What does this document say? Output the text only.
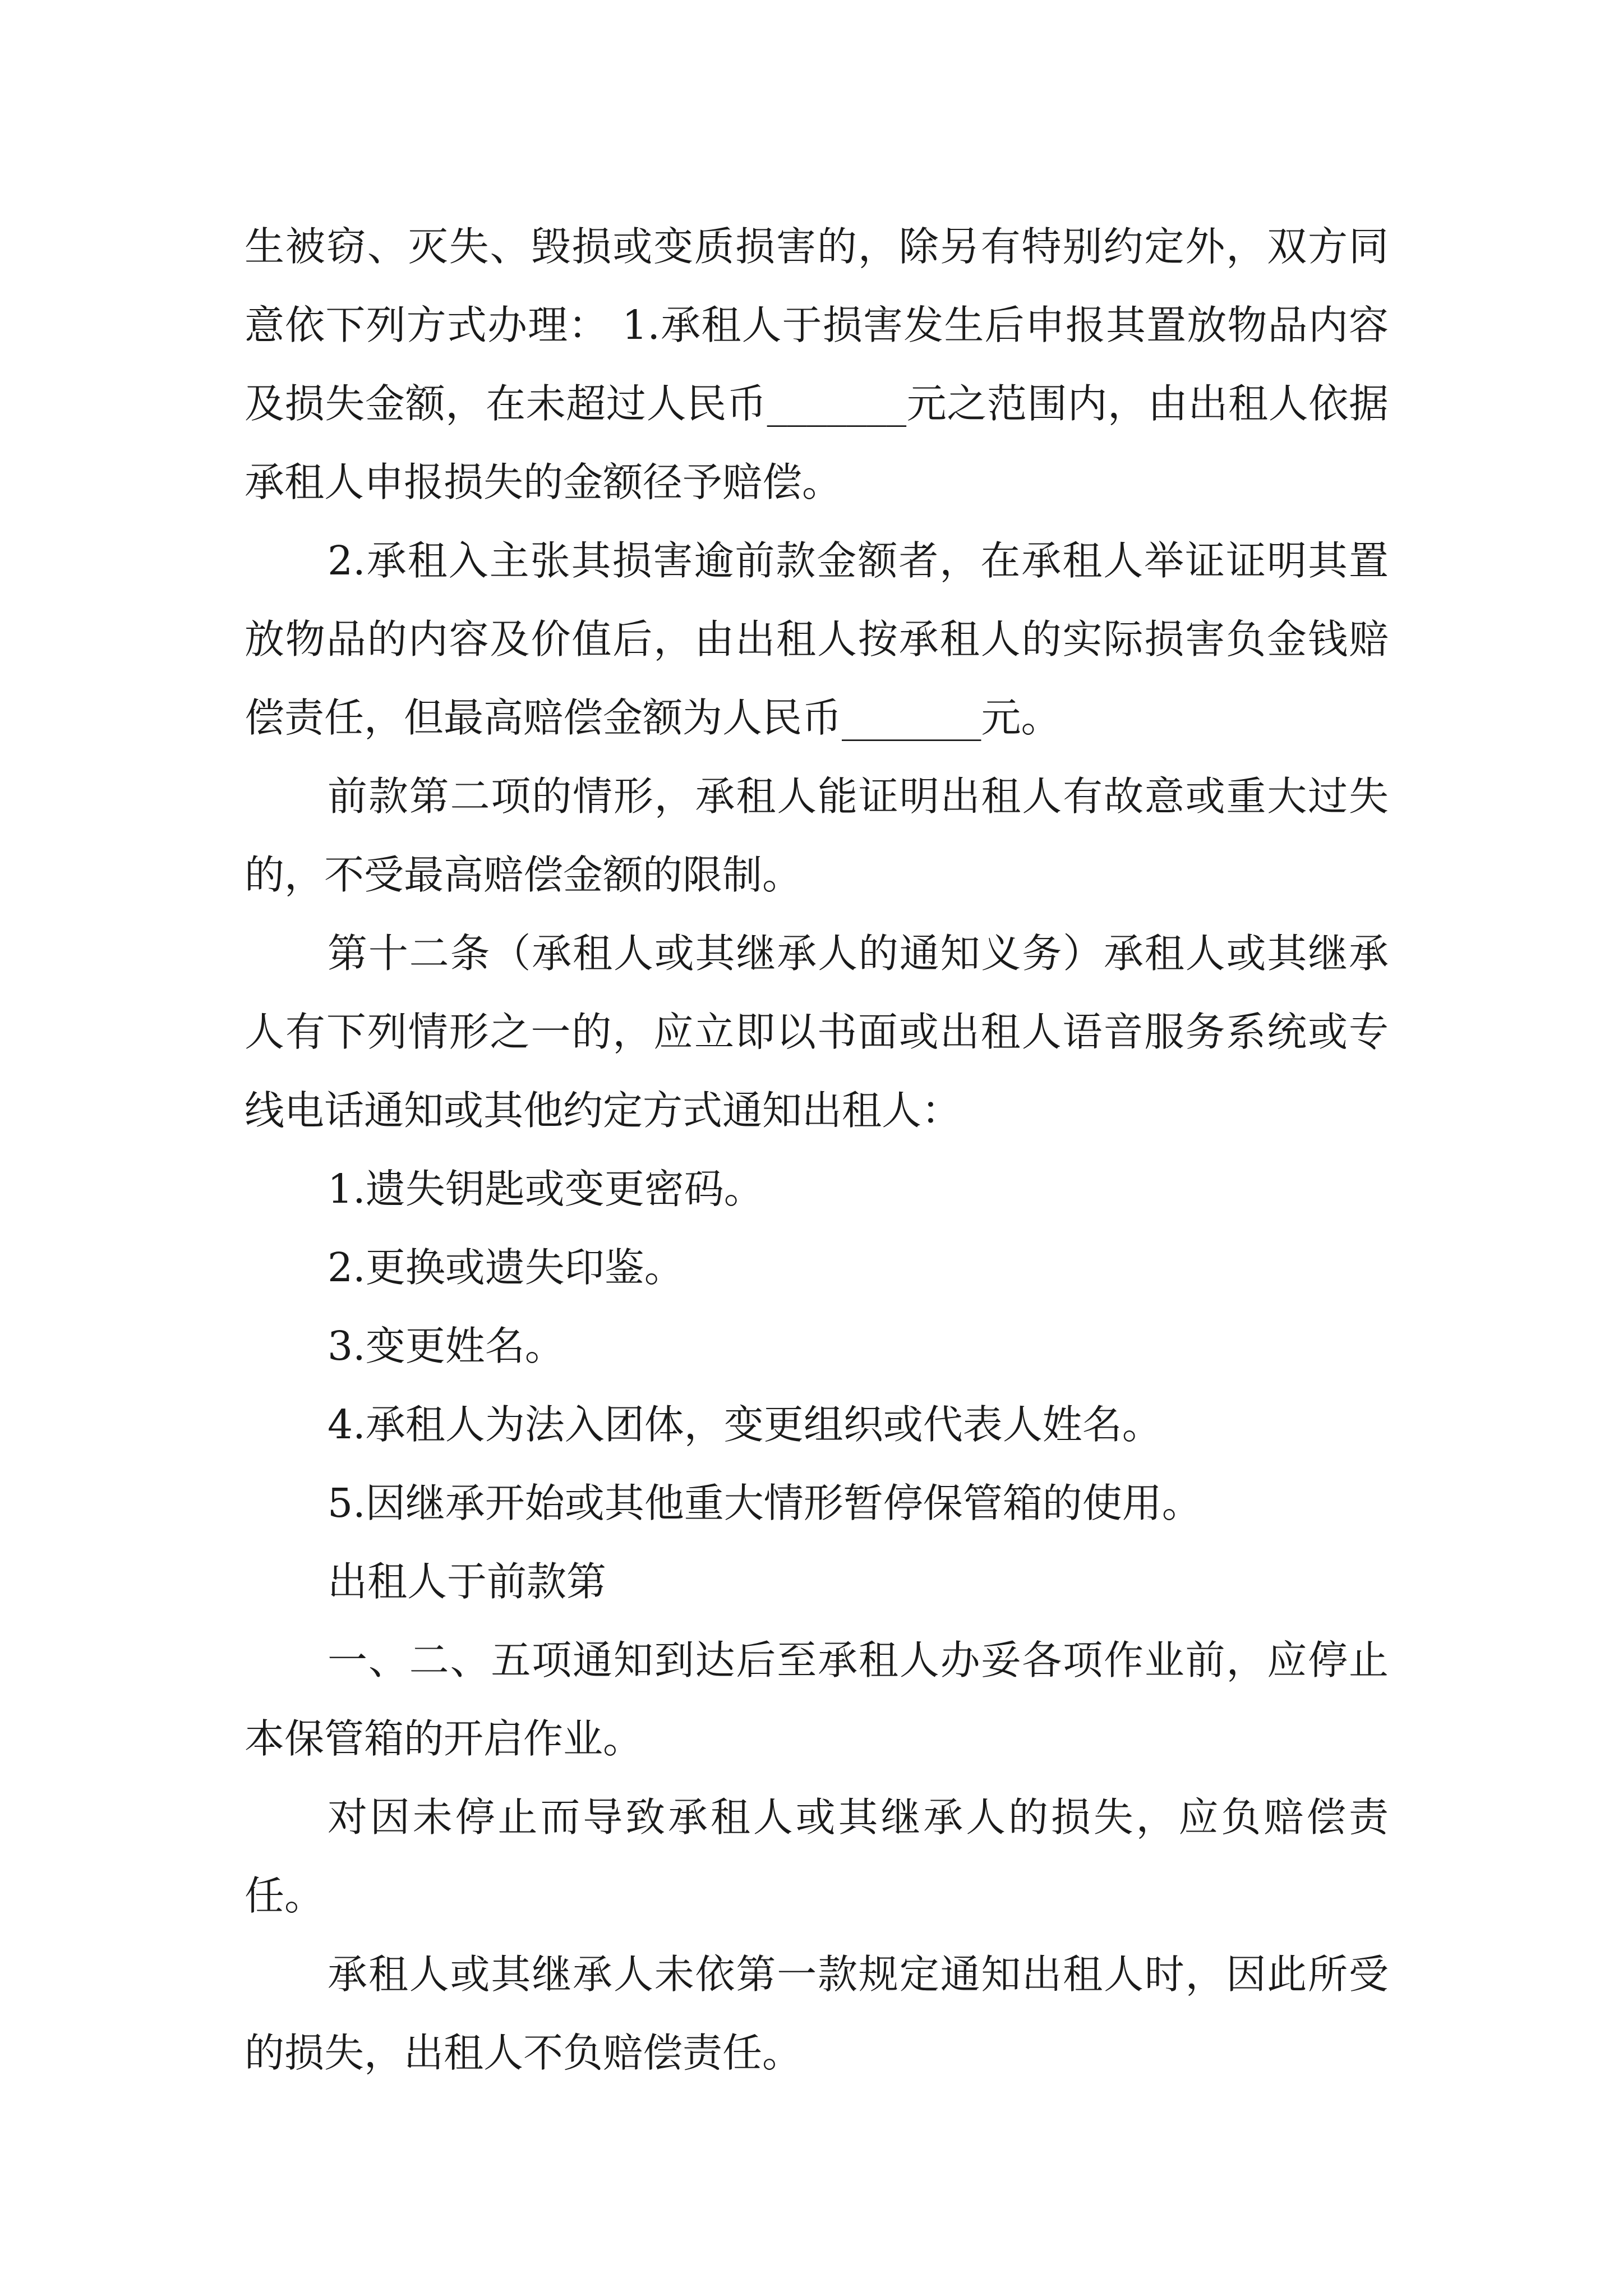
生被窃、灭失、毁损或变质损害的，除另有特别约定外，双方同意依下列方式办理： 1.承租人于损害发生后申报其置放物品内容及损失金额，在未超过人民币_______元之范围内，由出租人依据承租人申报损失的金额径予赔偿。

2.承租入主张其损害逾前款金额者，在承租人举证证明其置放物品的内容及价值后，由出租人按承租人的实际损害负金钱赔偿责任，但最高赔偿金额为人民币_______元。

前款第二项的情形，承租人能证明出租人有故意或重大过失的，不受最高赔偿金额的限制。

第十二条（承租人或其继承人的通知义务）承租人或其继承人有下列情形之一的，应立即以书面或出租人语音服务系统或专线电话通知或其他约定方式通知出租人：

1.遗失钥匙或变更密码。

2.更换或遗失印鉴。

3.变更姓名。

4.承租人为法入团体，变更组织或代表人姓名。

5.因继承开始或其他重大情形暂停保管箱的使用。

出租人于前款第

一、二、五项通知到达后至承租人办妥各项作业前，应停止本保管箱的开启作业。

对因未停止而导致承租人或其继承人的损失，应负赔偿责任。

承租人或其继承人未依第一款规定通知出租人时，因此所受的损失，出租人不负赔偿责任。
